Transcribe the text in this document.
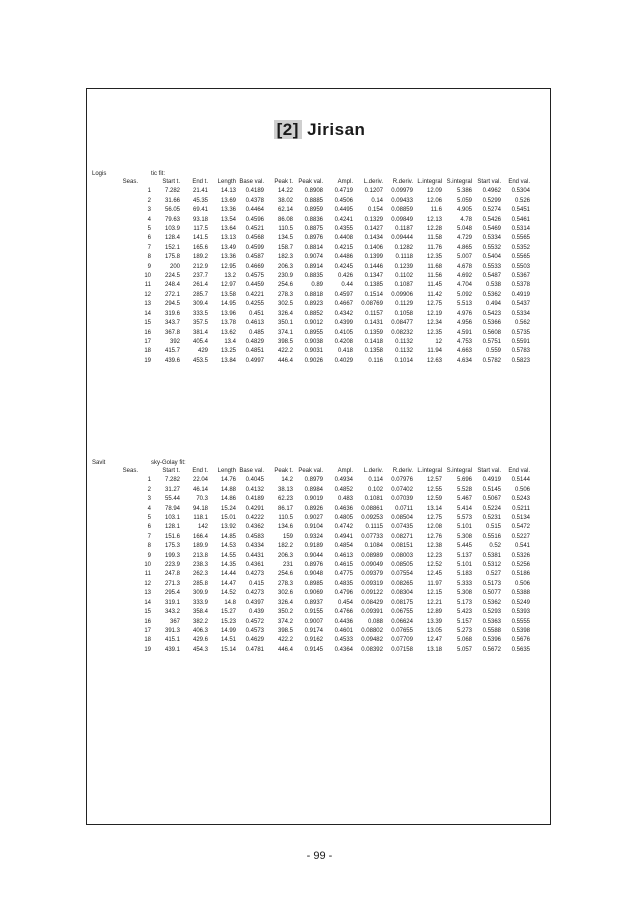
[2] Jirisan
Logis	tic fit:
Seas.		Start t.	End t.	Length	Base val.	Peak t.	Peak val.	Ampl.	L.deriv.	R.deriv.	L.integral	S.integral	Start val.	End val.
	1	7.282	21.41	14.13	0.4189	14.22	0.8908	0.4719	0.1207	0.09979	12.09	5.386	0.4962	0.5304
	2	31.66	45.35	13.69	0.4378	38.02	0.8885	0.4506	0.14	0.09433	12.06	5.059	0.5299	0.526
	3	56.05	69.41	13.36	0.4464	62.14	0.8959	0.4495	0.154	0.08859	11.6	4.905	0.5274	0.5451
	4	79.63	93.18	13.54	0.4596	86.08	0.8836	0.4241	0.1329	0.09849	12.13	4.78	0.5426	0.5461
	5	103.9	117.5	13.64	0.4521	110.5	0.8875	0.4355	0.1427	0.1187	12.28	5.048	0.5469	0.5314
	6	128.4	141.5	13.13	0.4568	134.5	0.8976	0.4408	0.1434	0.09444	11.58	4.729	0.5334	0.5565
	7	152.1	165.6	13.49	0.4599	158.7	0.8814	0.4215	0.1406	0.1282	11.76	4.865	0.5532	0.5352
	8	175.8	189.2	13.36	0.4587	182.3	0.9074	0.4486	0.1399	0.1118	12.35	5.007	0.5404	0.5565
	9	200	212.9	12.95	0.4669	206.3	0.8914	0.4245	0.1446	0.1239	11.68	4.678	0.5533	0.5503
	10	224.5	237.7	13.2	0.4575	230.9	0.8835	0.426	0.1347	0.1102	11.56	4.692	0.5487	0.5367
	11	248.4	261.4	12.97	0.4459	254.6	0.89	0.44	0.1385	0.1087	11.45	4.704	0.538	0.5378
	12	272.1	285.7	13.58	0.4221	278.3	0.8818	0.4597	0.1514	0.09906	11.42	5.092	0.5362	0.4919
	13	294.5	309.4	14.95	0.4255	302.5	0.8923	0.4667	0.08769	0.1129	12.75	5.513	0.494	0.5437
	14	319.6	333.5	13.96	0.451	326.4	0.8852	0.4342	0.1157	0.1058	12.19	4.976	0.5423	0.5334
	15	343.7	357.5	13.78	0.4613	350.1	0.9012	0.4399	0.1431	0.08477	12.34	4.956	0.5366	0.562
	16	367.8	381.4	13.62	0.485	374.1	0.8955	0.4105	0.1359	0.08232	12.35	4.591	0.5608	0.5735
	17	392	405.4	13.4	0.4829	398.5	0.9038	0.4208	0.1418	0.1132	12	4.753	0.5751	0.5591
	18	415.7	429	13.25	0.4851	422.2	0.9031	0.418	0.1358	0.1132	11.94	4.663	0.559	0.5783
	19	439.6	453.5	13.84	0.4997	446.4	0.9026	0.4029	0.116	0.1014	12.63	4.634	0.5782	0.5823
Savit	sky-Golay fit:
Seas.		Start t.	End t.	Length	Base val.	Peak t.	Peak val.	Ampl.	L.deriv.	R.deriv.	L.integral	S.integral	Start val.	End val.
	1	7.282	22.04	14.76	0.4045	14.2	0.8979	0.4934	0.114	0.07976	12.57	5.696	0.4919	0.5144
	2	31.27	46.14	14.88	0.4132	38.13	0.8984	0.4852	0.102	0.07402	12.55	5.528	0.5145	0.506
	3	55.44	70.3	14.86	0.4189	62.23	0.9019	0.483	0.1081	0.07039	12.59	5.467	0.5067	0.5243
	4	78.94	94.18	15.24	0.4291	86.17	0.8926	0.4636	0.08861	0.0711	13.14	5.414	0.5224	0.5211
	5	103.1	118.1	15.01	0.4222	110.5	0.9027	0.4805	0.09253	0.08504	12.75	5.573	0.5231	0.5134
	6	128.1	142	13.92	0.4362	134.6	0.9104	0.4742	0.1115	0.07435	12.08	5.101	0.515	0.5472
	7	151.6	166.4	14.85	0.4583	159	0.9324	0.4941	0.07733	0.08271	12.76	5.308	0.5516	0.5227
	8	175.3	189.9	14.53	0.4334	182.2	0.9189	0.4854	0.1084	0.08151	12.38	5.445	0.52	0.541
	9	199.3	213.8	14.55	0.4431	206.3	0.9044	0.4613	0.08989	0.08003	12.23	5.137	0.5381	0.5326
	10	223.9	238.3	14.35	0.4361	231	0.8976	0.4615	0.09049	0.08505	12.52	5.101	0.5312	0.5256
	11	247.8	262.3	14.44	0.4273	254.6	0.9048	0.4775	0.09379	0.07554	12.45	5.183	0.527	0.5186
	12	271.3	285.8	14.47	0.415	278.3	0.8985	0.4835	0.09319	0.08265	11.97	5.333	0.5173	0.506
	13	295.4	309.9	14.52	0.4273	302.6	0.9069	0.4796	0.09122	0.08304	12.15	5.308	0.5077	0.5388
	14	319.1	333.9	14.8	0.4397	326.4	0.8937	0.454	0.08429	0.08175	12.21	5.173	0.5362	0.5249
	15	343.2	358.4	15.27	0.439	350.2	0.9155	0.4766	0.09391	0.06755	12.89	5.423	0.5293	0.5393
	16	367	382.2	15.23	0.4572	374.2	0.9007	0.4436	0.088	0.06624	13.39	5.157	0.5363	0.5555
	17	391.3	406.3	14.99	0.4573	398.5	0.9174	0.4601	0.08802	0.07655	13.05	5.273	0.5588	0.5398
	18	415.1	429.6	14.51	0.4629	422.2	0.9162	0.4533	0.09482	0.07709	12.47	5.068	0.5396	0.5676
	19	439.1	454.3	15.14	0.4781	446.4	0.9145	0.4364	0.08392	0.07158	13.18	5.057	0.5672	0.5635
- 99 -
